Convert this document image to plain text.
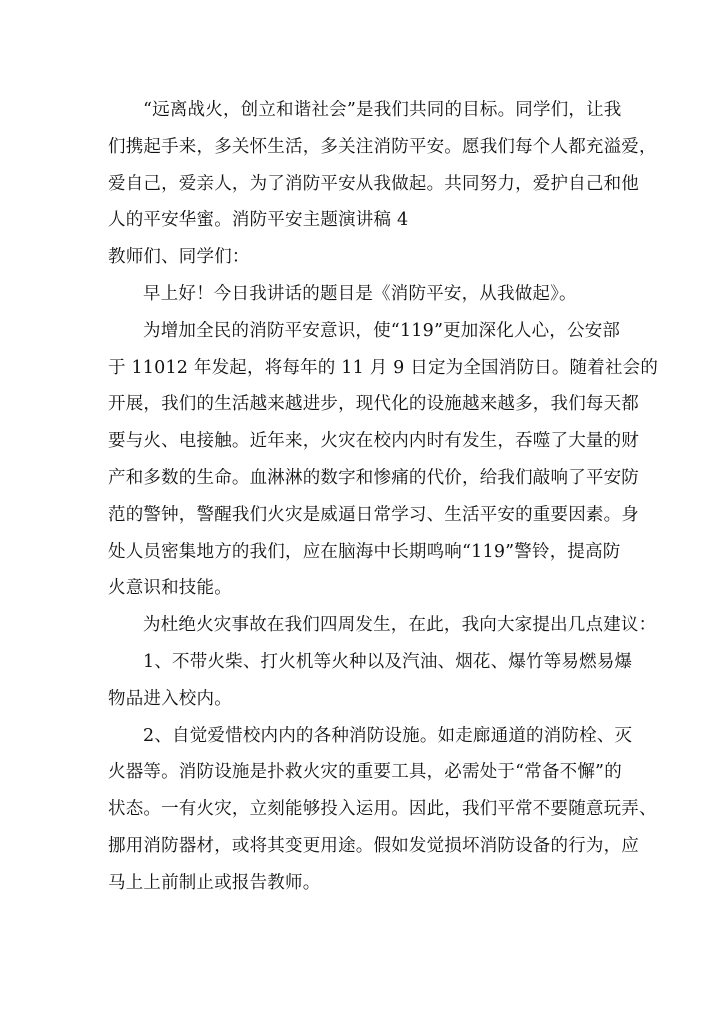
“远离战火，创立和谐社会”是我们共同的目标。同学们，让我
们携起手来，多关怀生活，多关注消防平安。愿我们每个人都充溢爱，
爱自己，爱亲人，为了消防平安从我做起。共同努力，爱护自己和他
人的平安华蜜。消防平安主题演讲稿 4
教师们、同学们：
早上好！今日我讲话的题目是《消防平安，从我做起》。
为增加全民的消防平安意识，使“119”更加深化人心，公安部
于 11012 年发起，将每年的 11 月 9 日定为全国消防日。随着社会的
开展，我们的生活越来越进步，现代化的设施越来越多，我们每天都
要与火、电接触。近年来，火灾在校内内时有发生，吞噬了大量的财
产和多数的生命。血淋淋的数字和惨痛的代价，给我们敲响了平安防
范的警钟，警醒我们火灾是威逼日常学习、生活平安的重要因素。身
处人员密集地方的我们，应在脑海中长期鸣响“119”警铃，提高防
火意识和技能。
为杜绝火灾事故在我们四周发生，在此，我向大家提出几点建议：
1、不带火柴、打火机等火种以及汽油、烟花、爆竹等易燃易爆
物品进入校内。
2、自觉爱惜校内内的各种消防设施。如走廊通道的消防栓、灭
火器等。消防设施是扑救火灾的重要工具，必需处于“常备不懈”的
状态。一有火灾，立刻能够投入运用。因此，我们平常不要随意玩弄、
挪用消防器材，或将其变更用途。假如发觉损坏消防设备的行为，应
马上上前制止或报告教师。
